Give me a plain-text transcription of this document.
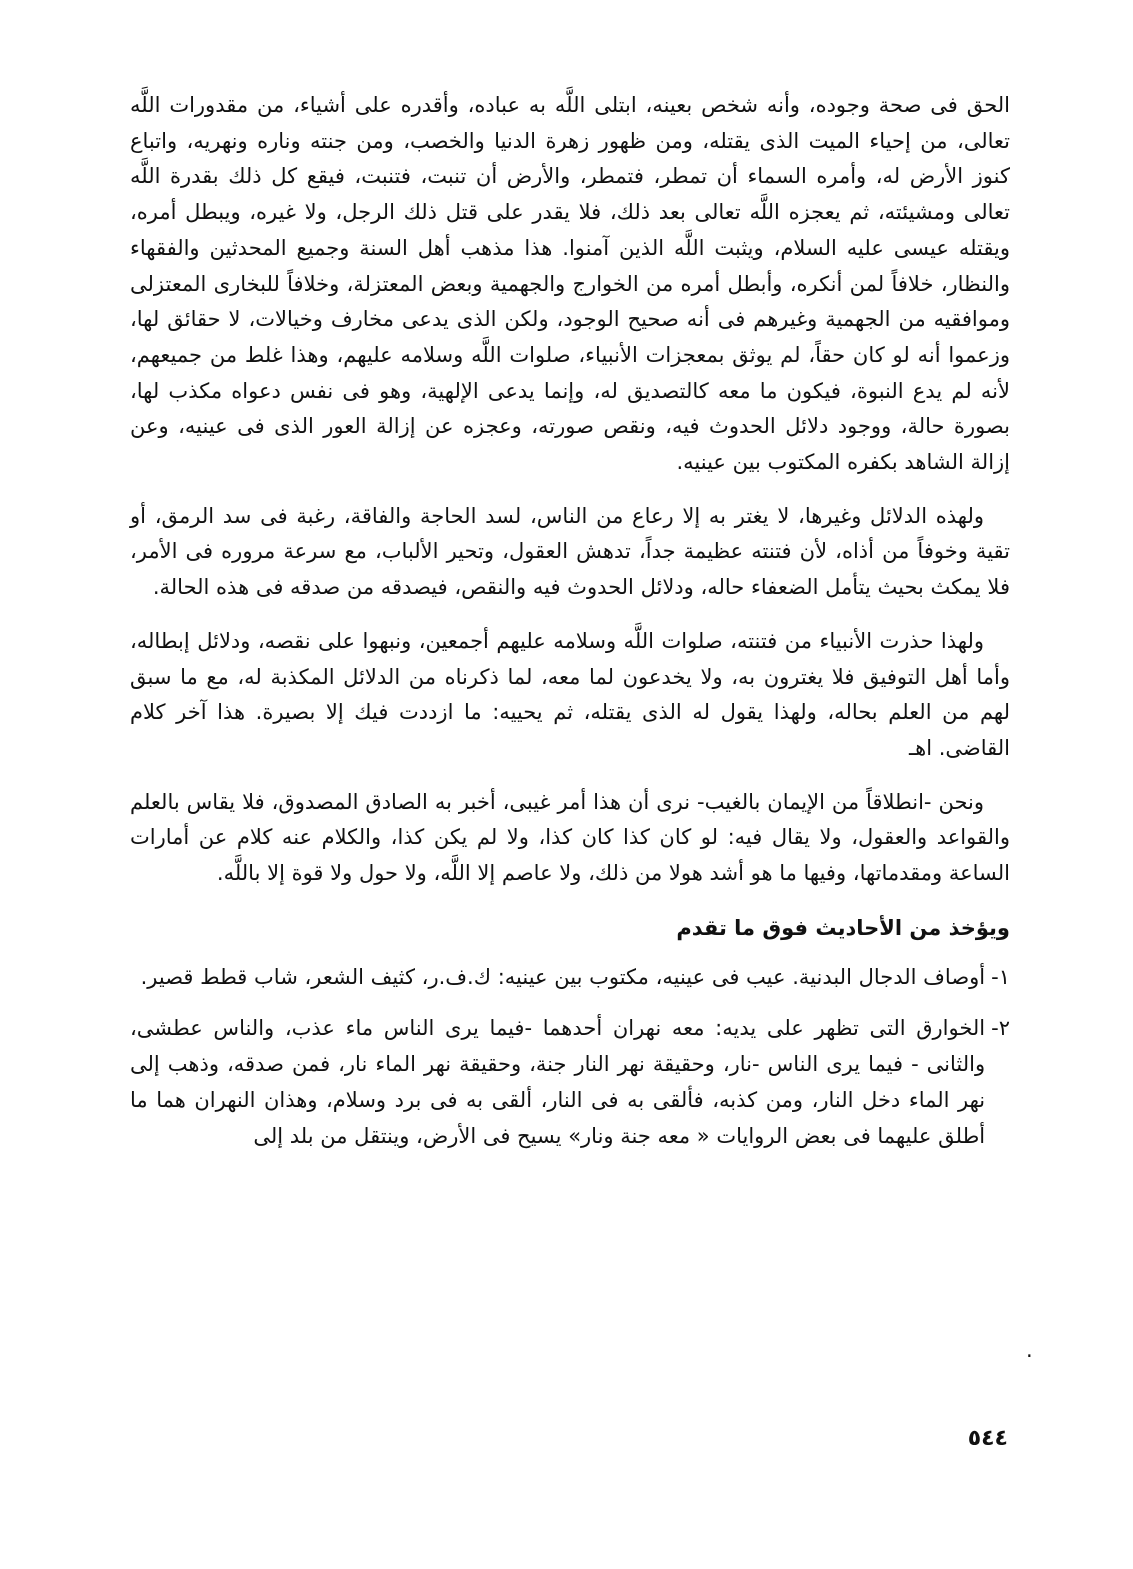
الحق فى صحة وجوده، وأنه شخص بعينه، ابتلى اللَّه به عباده، وأقدره على أشياء، من مقدورات اللَّه تعالى، من إحياء الميت الذى يقتله، ومن ظهور زهرة الدنيا والخصب، ومن جنته وناره ونهريه، واتباع كنوز الأرض له، وأمره السماء أن تمطر، فتمطر، والأرض أن تنبت، فتنبت، فيقع كل ذلك بقدرة اللَّه تعالى ومشيئته، ثم يعجزه اللَّه تعالى بعد ذلك، فلا يقدر على قتل ذلك الرجل، ولا غيره، ويبطل أمره، ويقتله عيسى عليه السلام، ويثبت اللَّه الذين آمنوا. هذا مذهب أهل السنة وجميع المحدثين والفقهاء والنظار، خلافاً لمن أنكره، وأبطل أمره من الخوارج والجهمية وبعض المعتزلة، وخلافاً للبخارى المعتزلى وموافقيه من الجهمية وغيرهم فى أنه صحيح الوجود، ولكن الذى يدعى مخارف وخيالات، لا حقائق لها، وزعموا أنه لو كان حقاً، لم يوثق بمعجزات الأنبياء، صلوات اللَّه وسلامه عليهم، وهذا غلط من جميعهم، لأنه لم يدع النبوة، فيكون ما معه كالتصديق له، وإنما يدعى الإلهية، وهو فى نفس دعواه مكذب لها، بصورة حالة، ووجود دلائل الحدوث فيه، ونقص صورته، وعجزه عن إزالة العور الذى فى عينيه، وعن إزالة الشاهد بكفره المكتوب بين عينيه.

ولهذه الدلائل وغيرها، لا يغتر به إلا رعاع من الناس، لسد الحاجة والفاقة، رغبة فى سد الرمق، أو تقية وخوفاً من أذاه، لأن فتنته عظيمة جداً، تدهش العقول، وتحير الألباب، مع سرعة مروره فى الأمر، فلا يمكث بحيث يتأمل الضعفاء حاله، ودلائل الحدوث فيه والنقص، فيصدقه من صدقه فى هذه الحالة.

ولهذا حذرت الأنبياء من فتنته، صلوات اللَّه وسلامه عليهم أجمعين، ونبهوا على نقصه، ودلائل إبطاله، وأما أهل التوفيق فلا يغترون به، ولا يخدعون لما معه، لما ذكرناه من الدلائل المكذبة له، مع ما سبق لهم من العلم بحاله، ولهذا يقول له الذى يقتله، ثم يحييه: ما ازددت فيك إلا بصيرة. هذا آخر كلام القاضى. اهـ

ونحن -انطلاقاً من الإيمان بالغيب- نرى أن هذا أمر غيبى، أخبر به الصادق المصدوق، فلا يقاس بالعلم والقواعد والعقول، ولا يقال فيه: لو كان كذا كان كذا، ولا لم يكن كذا، والكلام عنه كلام عن أمارات الساعة ومقدماتها، وفيها ما هو أشد هولا من ذلك، ولا عاصم إلا اللَّه، ولا حول ولا قوة إلا باللَّه.

ويؤخذ من الأحاديث فوق ما تقدم
١-
أوصاف الدجال البدنية. عيب فى عينيه، مكتوب بين عينيه: ك.ف.ر، كثيف الشعر، شاب قطط قصير.
٢-
الخوارق التى تظهر على يديه: معه نهران أحدهما -فيما يرى الناس ماء عذب، والناس عطشى، والثانى - فيما يرى الناس -نار، وحقيقة نهر النار جنة، وحقيقة نهر الماء نار، فمن صدقه، وذهب إلى نهر الماء دخل النار، ومن كذبه، فألقى به فى النار، ألقى به فى برد وسلام، وهذان النهران هما ما أطلق عليهما فى بعض الروايات « معه جنة ونار» يسيح فى الأرض، وينتقل من بلد إلى
.
٥٤٤
